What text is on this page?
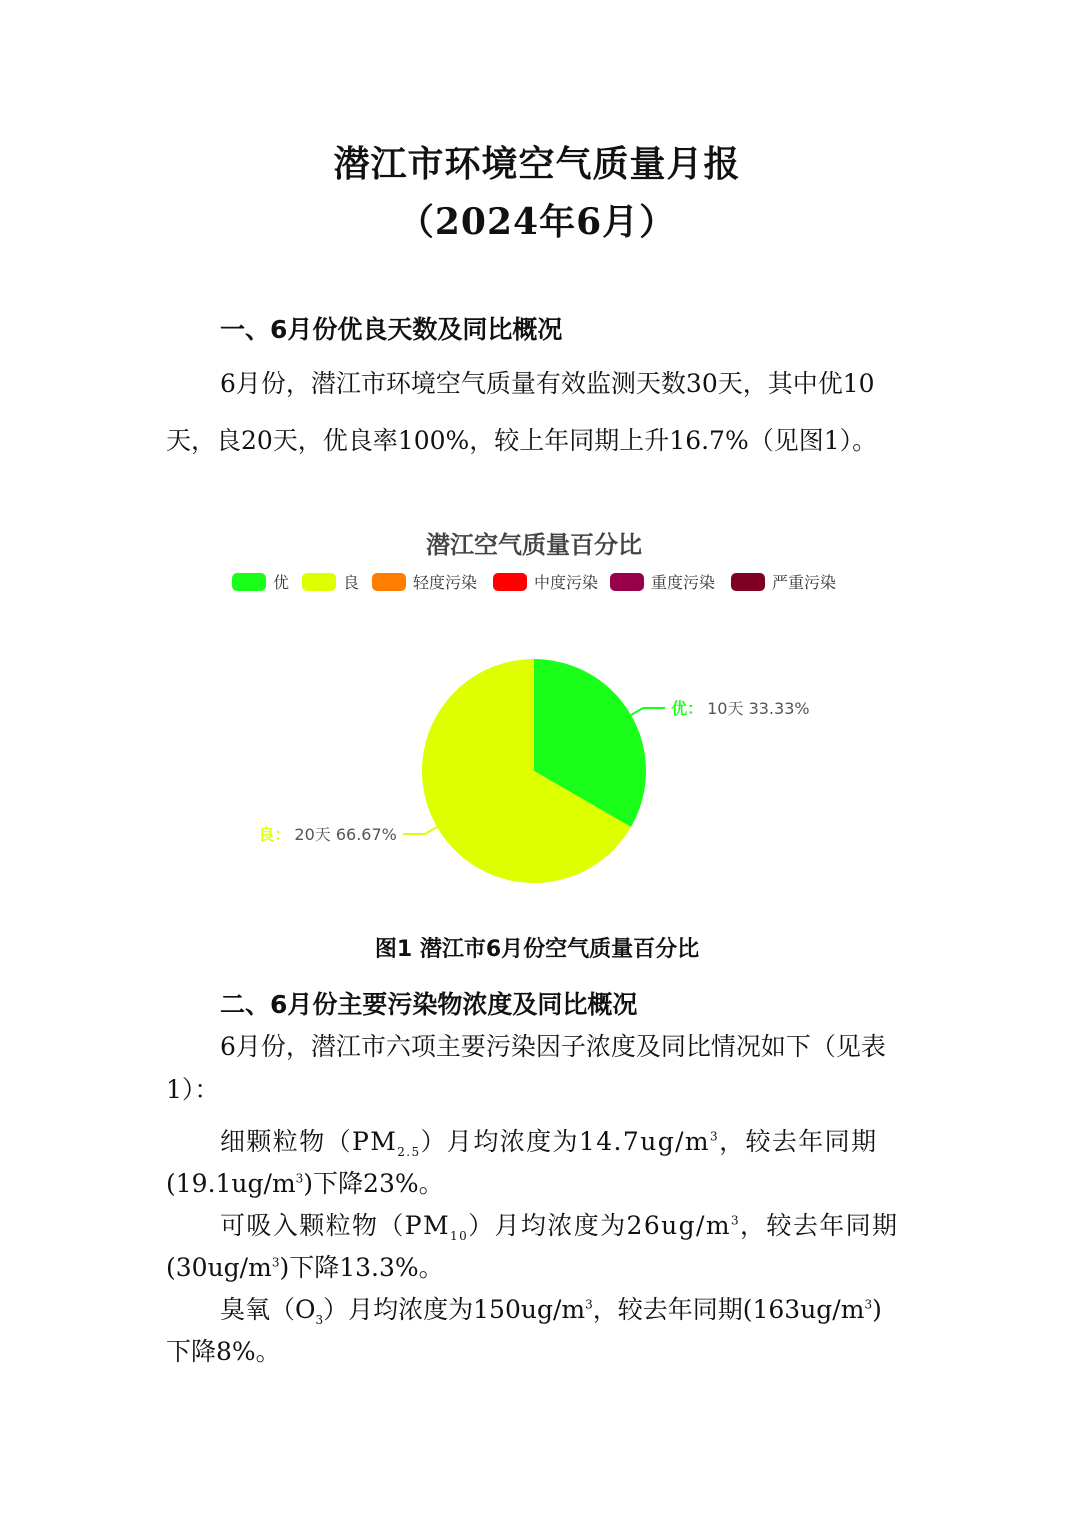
潜江市环境空气质量月报
（2024年6月）
一、6月份优良天数及同比概况
6月份，潜江市环境空气质量有效监测天数30天，其中优10天，良20天，优良率100%，较上年同期上升16.7%（见图1）。
潜江空气质量百分比
优	良	轻度污染	中度污染	重度污染	严重污染
优： 10天 33.33%
良： 20天 66.67%
图1 潜江市6月份空气质量百分比
二、6月份主要污染物浓度及同比概况
6月份，潜江市六项主要污染因子浓度及同比情况如下（见表1）：
细颗粒物$(PM_{2.5})$月均浓度为$14.7ug/m^3$，较去年同期
$(19.1ug/m^3)$下降23%。
可吸入颗粒物$(PM_{10})$月均浓度为$26ug/m^3$，较去年同期
$(30ug/m^3)$下降13.3%。
臭氧$(O_3)$月均浓度为$150ug/m^3$，较去年同期$(163ug/m^3)$
下降8%。
